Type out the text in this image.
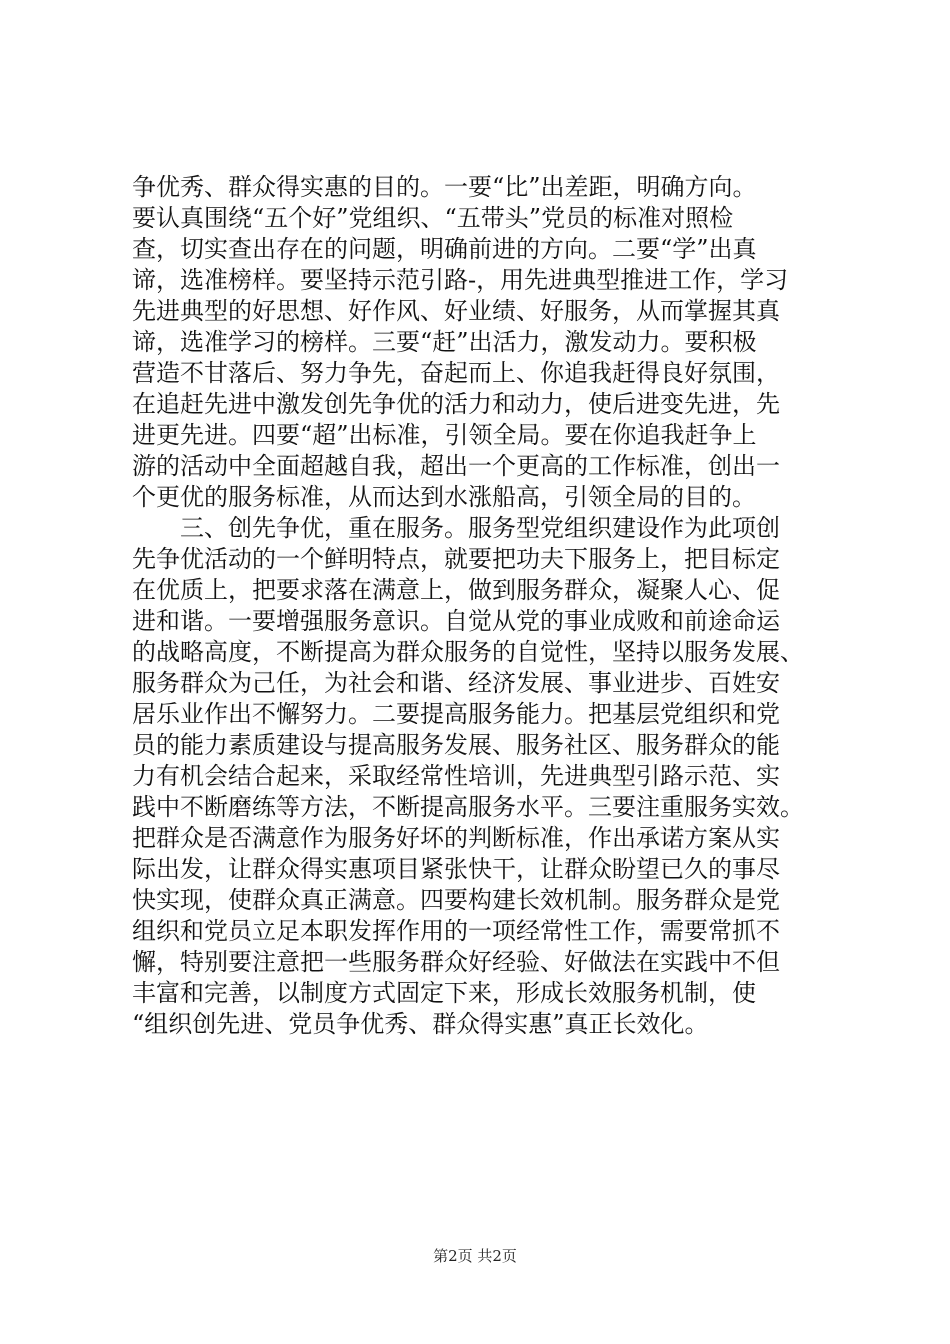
争优秀、群众得实惠的目的。一要“比”出差距，明确方向。
要认真围绕“五个好”党组织、“五带头”党员的标准对照检
查，切实查出存在的问题，明确前进的方向。二要“学”出真
谛，选准榜样。要坚持示范引路-，用先进典型推进工作，学习
先进典型的好思想、好作风、好业绩、好服务，从而掌握其真
谛，选准学习的榜样。三要“赶”出活力，激发动力。要积极
营造不甘落后、努力争先，奋起而上、你追我赶得良好氛围，
在追赶先进中激发创先争优的活力和动力，使后进变先进，先
进更先进。四要“超”出标准，引领全局。要在你追我赶争上
游的活动中全面超越自我，超出一个更高的工作标准，创出一
个更优的服务标准，从而达到水涨船高，引领全局的目的。
　　三、创先争优，重在服务。服务型党组织建设作为此项创
先争优活动的一个鲜明特点，就要把功夫下服务上，把目标定
在优质上，把要求落在满意上，做到服务群众，凝聚人心、促
进和谐。一要增强服务意识。自觉从党的事业成败和前途命运
的战略高度，不断提高为群众服务的自觉性，坚持以服务发展、
服务群众为己任，为社会和谐、经济发展、事业进步、百姓安
居乐业作出不懈努力。二要提高服务能力。把基层党组织和党
员的能力素质建设与提高服务发展、服务社区、服务群众的能
力有机会结合起来，采取经常性培训，先进典型引路示范、实
践中不断磨练等方法，不断提高服务水平。三要注重服务实效。
把群众是否满意作为服务好坏的判断标准，作出承诺方案从实
际出发，让群众得实惠项目紧张快干，让群众盼望已久的事尽
快实现，使群众真正满意。四要构建长效机制。服务群众是党
组织和党员立足本职发挥作用的一项经常性工作，需要常抓不
懈，特别要注意把一些服务群众好经验、好做法在实践中不但
丰富和完善，以制度方式固定下来，形成长效服务机制，使
“组织创先进、党员争优秀、群众得实惠”真正长效化。
第2页 共2页
